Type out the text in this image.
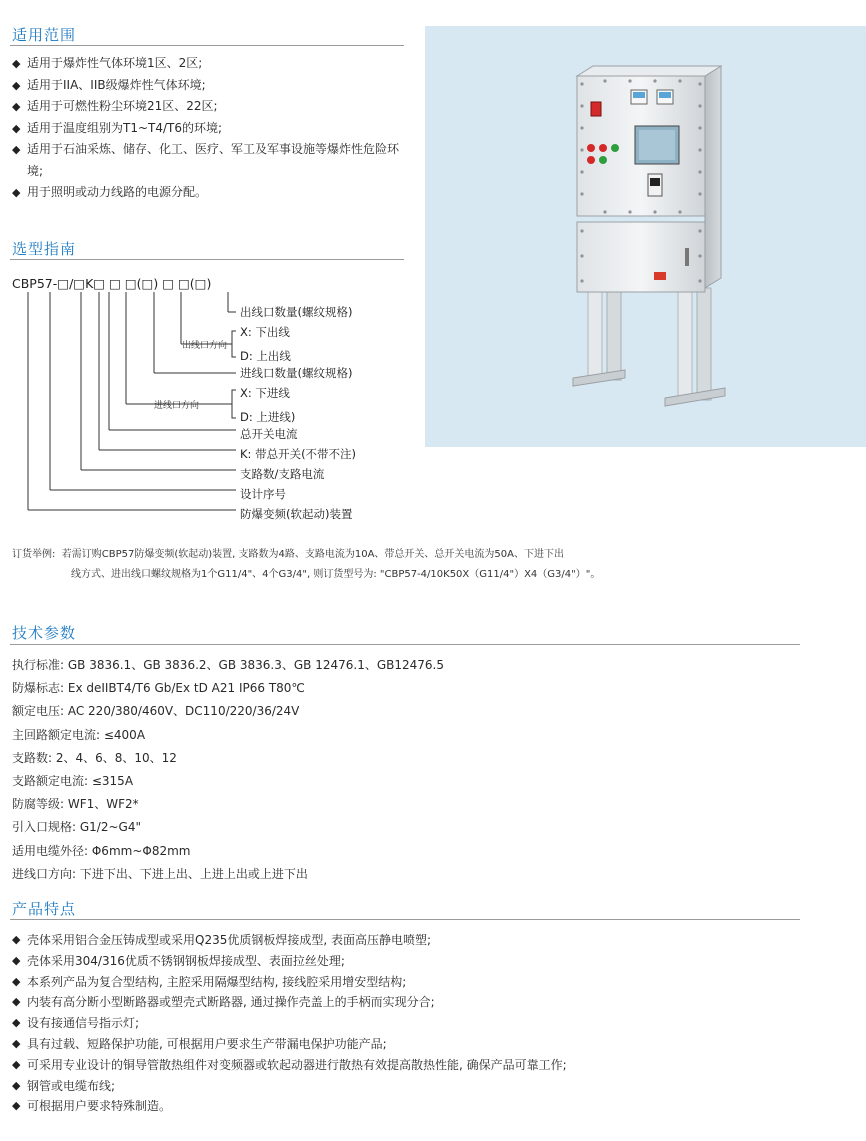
适用范围
◆ 适用于爆炸性气体环境1区、2区;
◆ 适用于IIA、IIB级爆炸性气体环境;
◆ 适用于可燃性粉尘环境21区、22区;
◆ 适用于温度组别为T1~T4/T6的环境;
◆ 适用于石油采炼、储存、化工、医疗、军工及军事设施等爆炸性危险环境;
◆ 用于照明或动力线路的电源分配。
选型指南
CBP57-□/□K□ □ □(□) □ □(□)
出线口数量(螺纹规格)
X: 下出线
D: 上出线
进线口数量(螺纹规格)
X: 下进线
D: 上进线)
总开关电流
K: 带总开关(不带不注)
支路数/支路电流
设计序号
防爆变频(软起动)装置
出线口方向
进线口方向
订货举例: 若需订购CBP57防爆变频(软起动)装置, 支路数为4路、支路电流为10A、带总开关、总开关电流为50A、下进下出
线方式、进出线口螺纹规格为1个G11/4"、4个G3/4", 则订货型号为: "CBP57-4/10K50X（G11/4"）X4（G3/4"）"。
技术参数
执行标准: GB 3836.1、GB 3836.2、GB 3836.3、GB 12476.1、GB12476.5
防爆标志: Ex deIIBT4/T6 Gb/Ex tD A21 IP66 T80℃
额定电压: AC 220/380/460V、DC110/220/36/24V
主回路额定电流: ≤400A
支路数: 2、4、6、8、10、12
支路额定电流: ≤315A
防腐等级: WF1、WF2*
引入口规格: G1/2~G4"
适用电缆外径: Φ6mm~Φ82mm
进线口方向: 下进下出、下进上出、上进上出或上进下出
产品特点
◆ 壳体采用铝合金压铸成型或采用Q235优质钢板焊接成型, 表面高压静电喷塑;
◆ 壳体采用304/316优质不锈钢钢板焊接成型、表面拉丝处理;
◆ 本系列产品为复合型结构, 主腔采用隔爆型结构, 接线腔采用增安型结构;
◆ 内装有高分断小型断路器或塑壳式断路器, 通过操作壳盖上的手柄而实现分合;
◆ 设有接通信号指示灯;
◆ 具有过载、短路保护功能, 可根据用户要求生产带漏电保护功能产品;
◆ 可采用专业设计的铜导管散热组件对变频器或软起动器进行散热有效提高散热性能, 确保产品可靠工作;
◆ 钢管或电缆布线;
◆ 可根据用户要求特殊制造。
